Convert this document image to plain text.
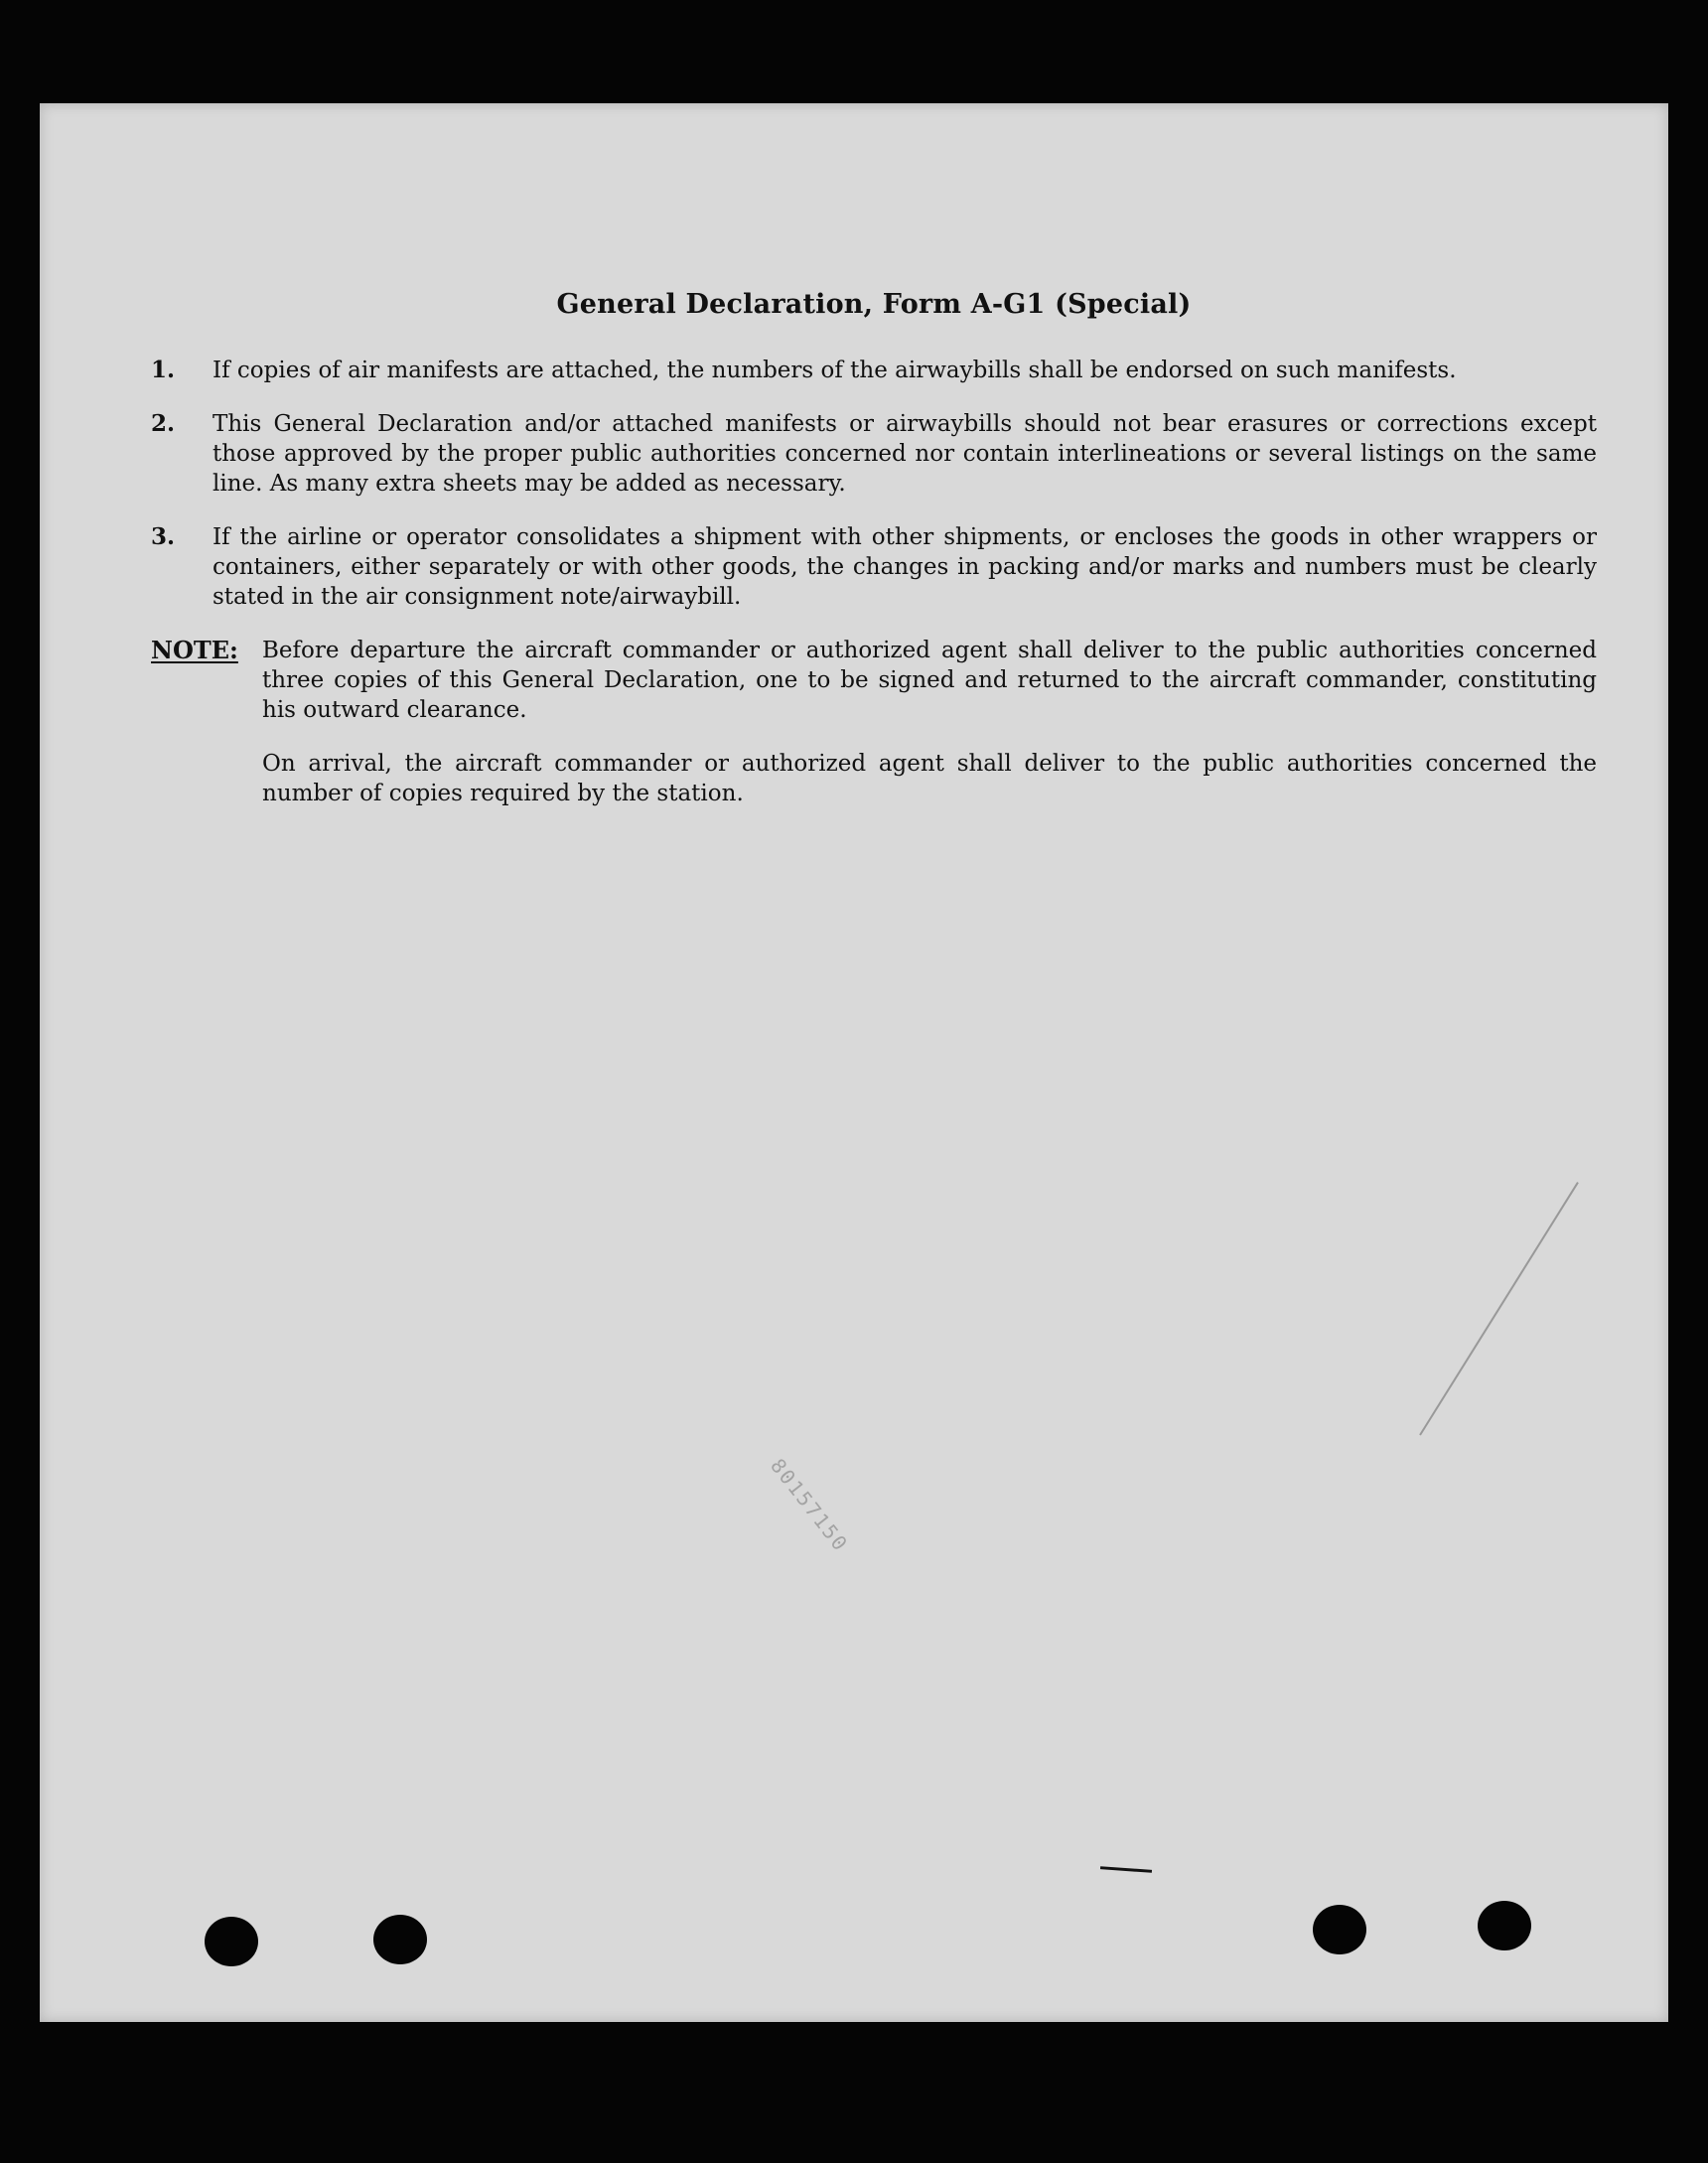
General Declaration, Form A-G1 (Special)
1.	If copies of air manifests are attached, the numbers of the airwaybills shall be endorsed on such manifests.
2.	This General Declaration and/or attached manifests or airwaybills should not bear erasures or corrections except those approved by the proper public authorities concerned nor contain interlineations or several listings on the same line. As many extra sheets may be added as necessary.
3.	If the airline or operator consolidates a shipment with other shipments, or encloses the goods in other wrappers or containers, either separately or with other goods, the changes in packing and/or marks and numbers must be clearly stated in the air consignment note/airwaybill.
NOTE:	Before departure the aircraft commander or authorized agent shall deliver to the public authorities concerned three copies of this General Declaration, one to be signed and returned to the aircraft commander, constituting his outward clearance.

On arrival, the aircraft commander or authorized agent shall deliver to the public authorities concerned the number of copies required by the station.

80157150
